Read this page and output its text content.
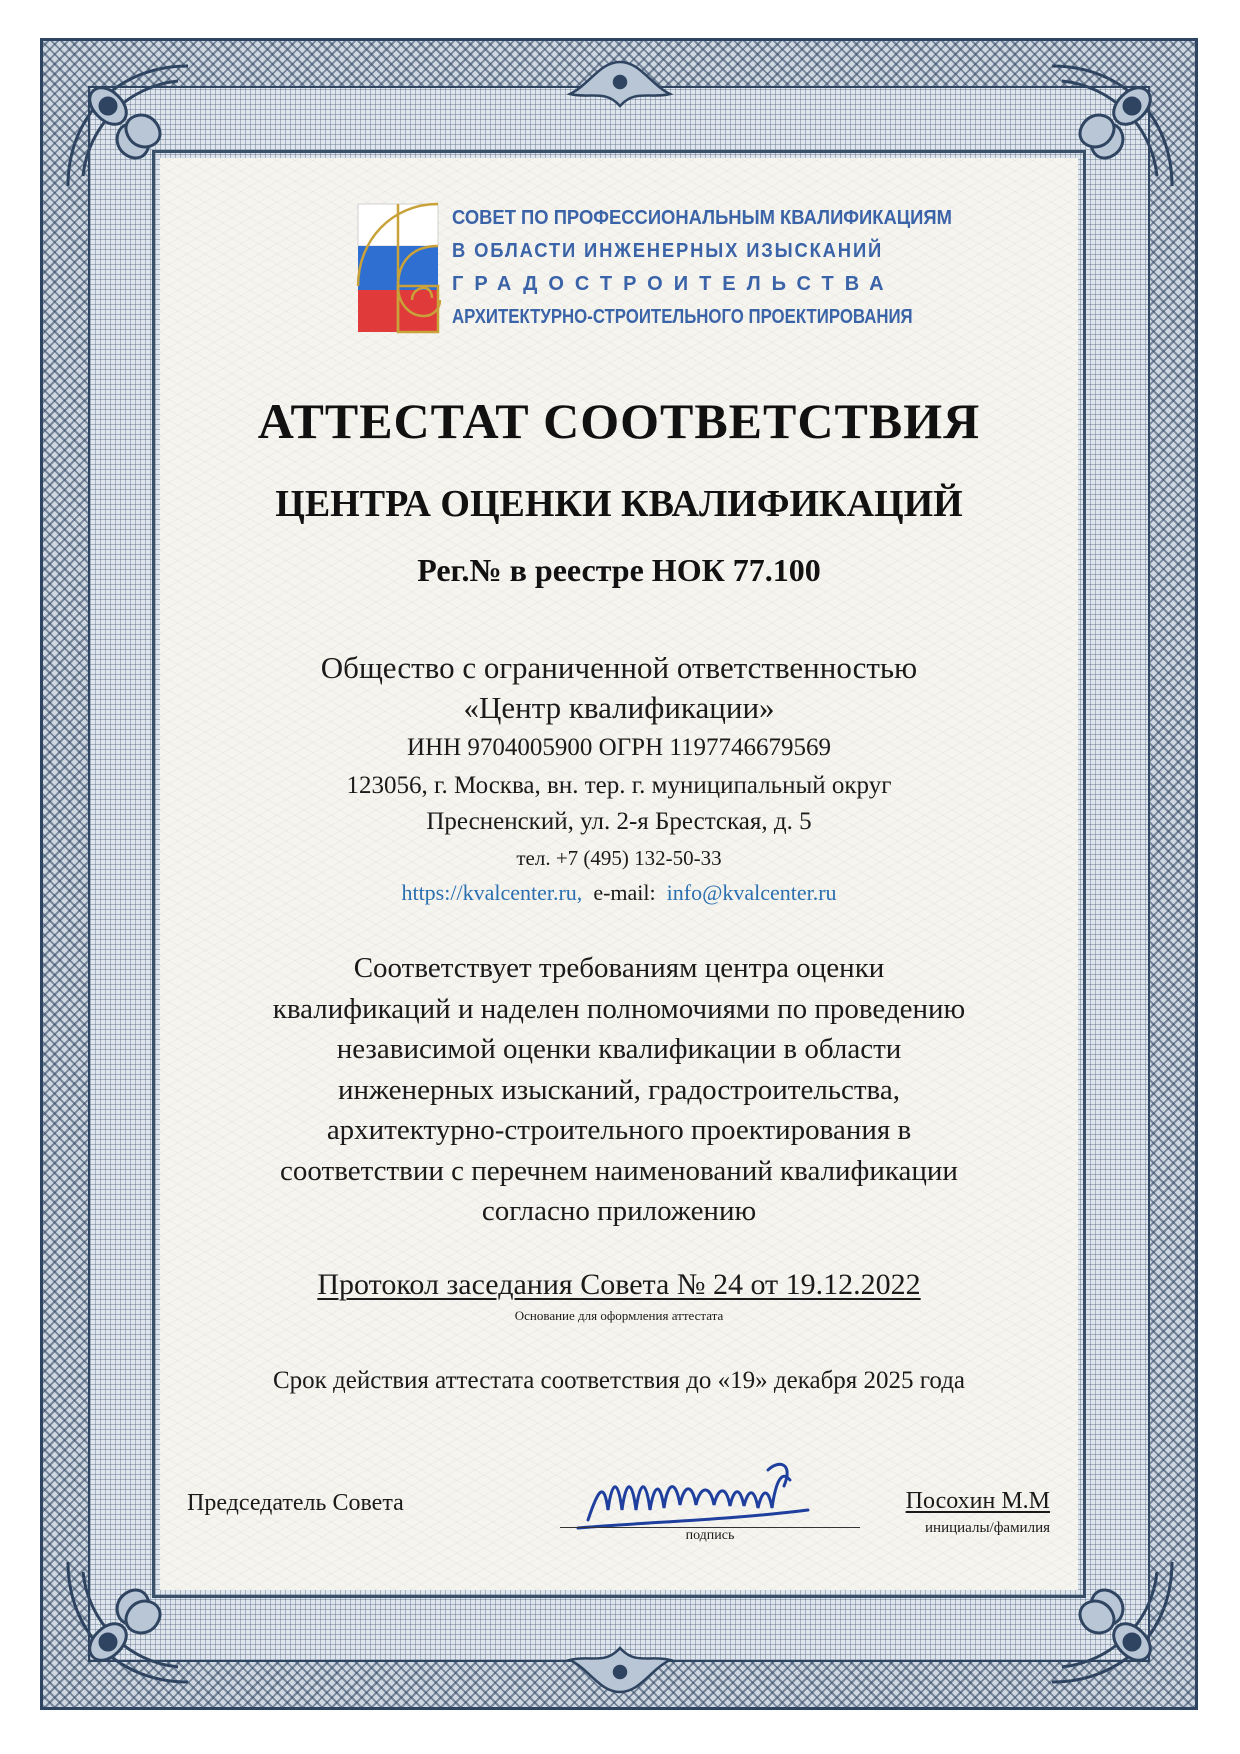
СОВЕТ ПО ПРОФЕССИОНАЛЬНЫМ КВАЛИФИКАЦИЯМ
В ОБЛАСТИ ИНЖЕНЕРНЫХ ИЗЫСКАНИЙ
ГРАДОСТРОИТЕЛЬСТВА
АРХИТЕКТУРНО-СТРОИТЕЛЬНОГО ПРОЕКТИРОВАНИЯ
АТТЕСТАТ СООТВЕТСТВИЯ
ЦЕНТРА ОЦЕНКИ КВАЛИФИКАЦИЙ
Рег.№ в реестре НОК 77.100
Общество с ограниченной ответственностью
«Центр квалификации»
ИНН 9704005900 ОГРН 1197746679569
123056, г. Москва, вн. тер. г. муниципальный округ
Пресненский, ул. 2-я Брестская, д. 5
тел. +7 (495) 132-50-33
https://kvalcenter.ru, e-mail: info@kvalcenter.ru
Соответствует требованиям центра оценки
квалификаций и наделен полномочиями по проведению
независимой оценки квалификации в области
инженерных изысканий, градостроительства,
архитектурно-строительного проектирования в
соответствии с перечнем наименований квалификации
согласно приложению
Протокол заседания Совета № 24 от 19.12.2022
Основание для оформления аттестата
Срок действия аттестата соответствия до «19» декабря 2025 года
Председатель Совета
подпись
Посохин М.М
инициалы/фамилия
